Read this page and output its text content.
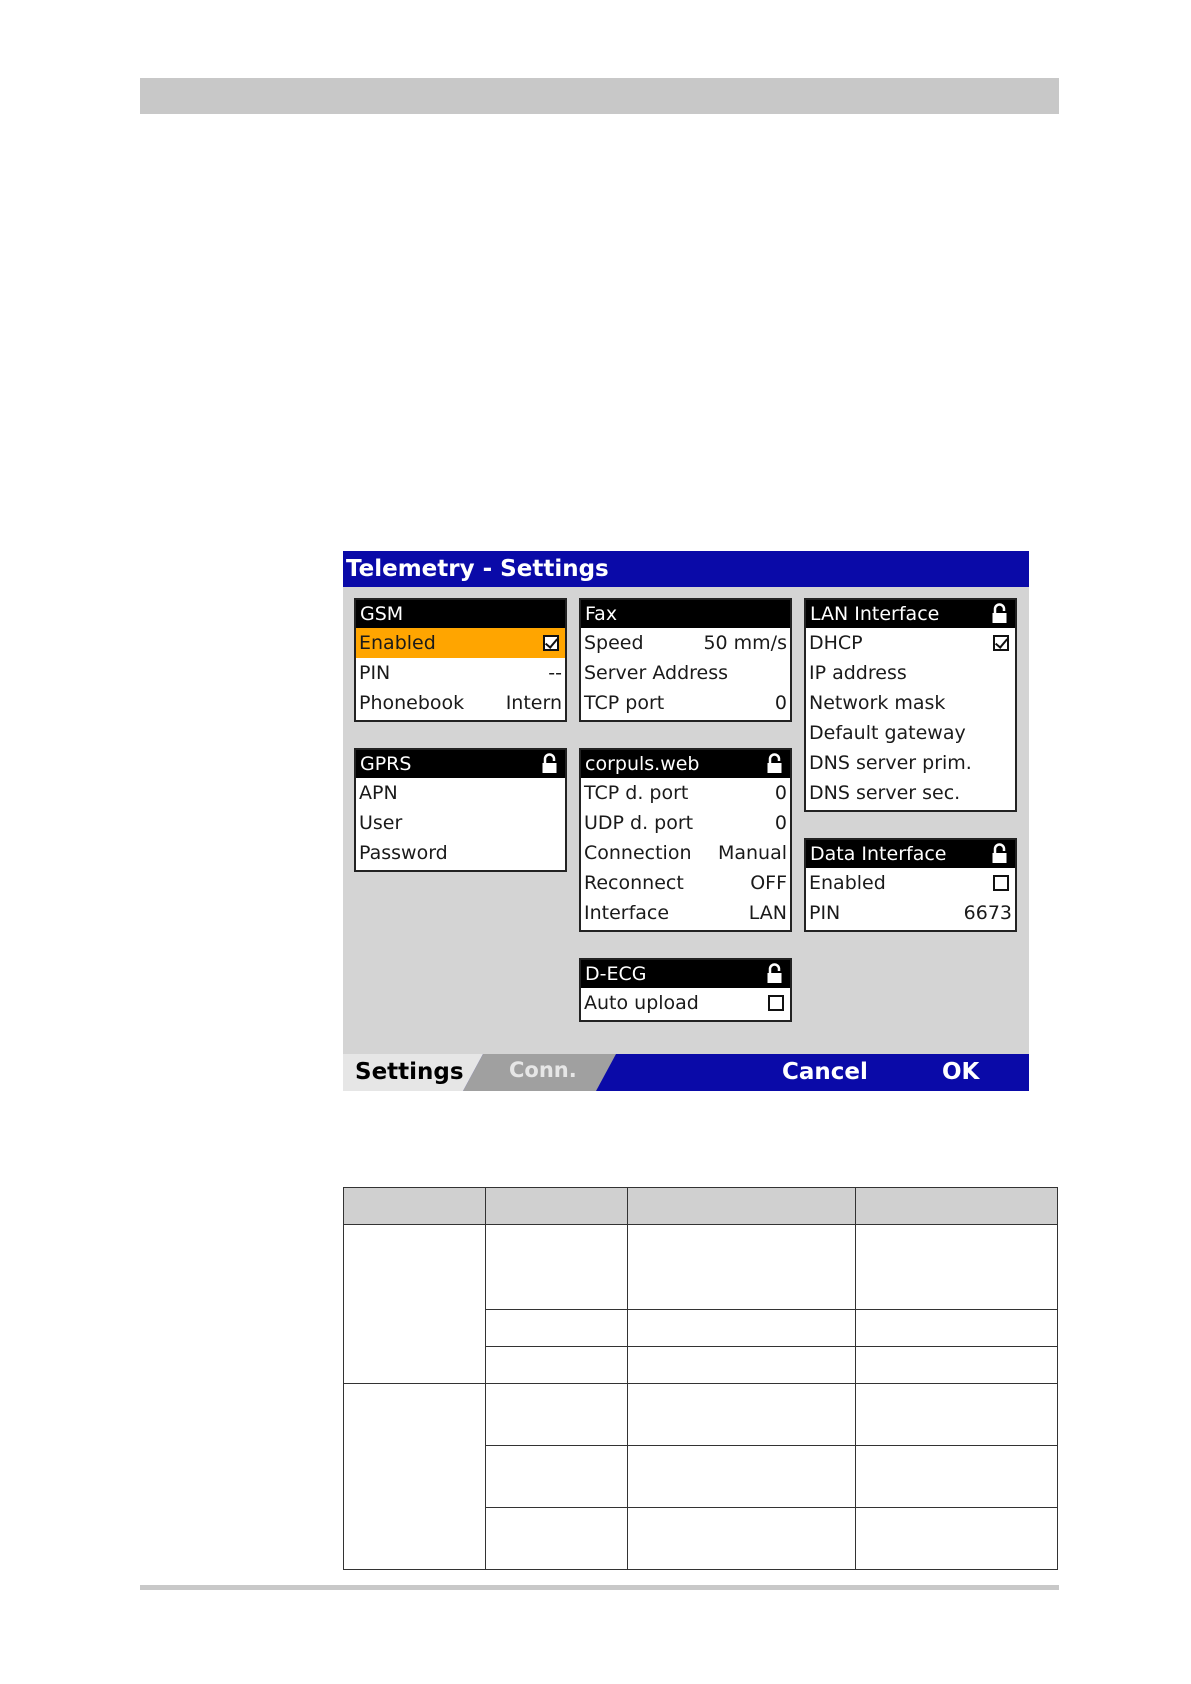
Telemetry - Settings
GSM
Enabled
PIN	--
Phonebook Intern
Fax
Speed	50 mm/s
Server Address
TCP port	0
LAN Interface
DHCP
IP address
Network mask
Default gateway
DNS server prim.
DNS server sec.
GPRS
APN
User
Password
corpuls.web
TCP d. port	0
UDP d. port	0
Connection Manual
Reconnect	OFF
Interface	LAN
Data Interface
Enabled
PIN	6673
D-ECG
Auto upload
Conn.
Settings	Cancel	OK
